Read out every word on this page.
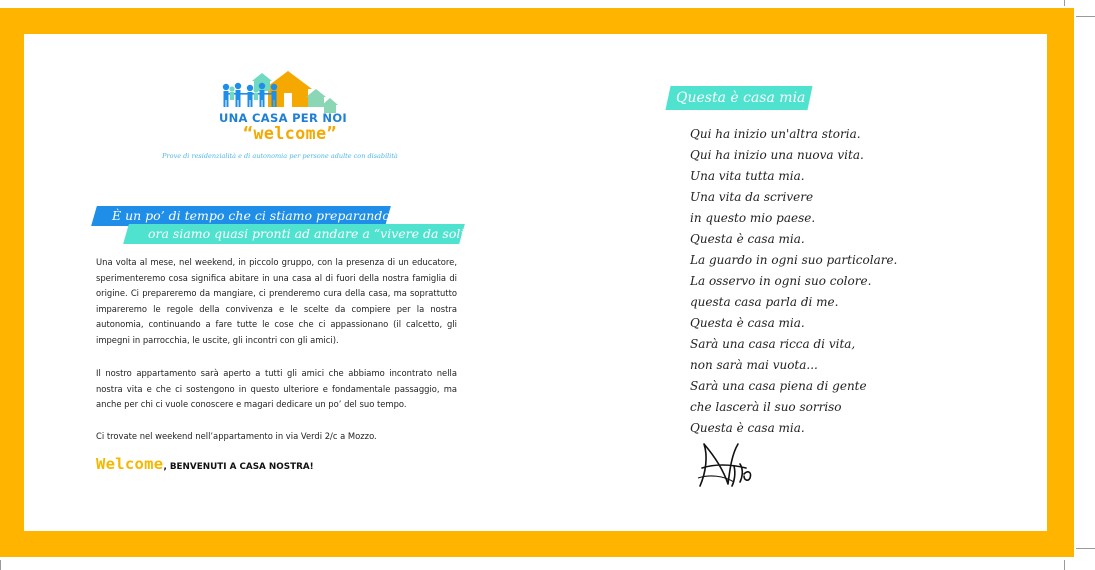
UNA CASA PER NOI
“welcome”
Prove di residenzialità e di autonomia per persone adulte con disabilità
È un po’ di tempo che ci stiamo preparando...
ora siamo quasi pronti ad andare a “vivere da soli”

Una volta al mese, nel weekend, in piccolo gruppo, con la presenza di un educatore, sperimenteremo cosa significa abitare in una casa al di fuori della nostra famiglia di origine. Ci prepareremo da mangiare, ci prenderemo cura della casa, ma soprattutto impareremo le regole della convivenza e le scelte da compiere per la nostra autonomia, continuando a fare tutte le cose che ci appassionano (il calcetto, gli impegni in parrocchia, le uscite, gli incontri con gli amici).

Il nostro appartamento sarà aperto a tutti gli amici che abbiamo incontrato nella nostra vita e che ci sostengono in questo ulteriore e fondamentale passaggio, ma anche per chi ci vuole conoscere e magari dedicare un po’ del suo tempo.

Ci trovate nel weekend nell’appartamento in via Verdi 2/c a Mozzo.

Welcome, BENVENUTI A CASA NOSTRA!
Questa è casa mia
Qui ha inizio un'altra storia.
Qui ha inizio una nuova vita.
Una vita tutta mia.
Una vita da scrivere
in questo mio paese.
Questa è casa mia.
La guardo in ogni suo particolare.
La osservo in ogni suo colore.
questa casa parla di me.
Questa è casa mia.
Sarà una casa ricca di vita,
non sarà mai vuota...
Sarà una casa piena di gente
che lascerà il suo sorriso
Questa è casa mia.
